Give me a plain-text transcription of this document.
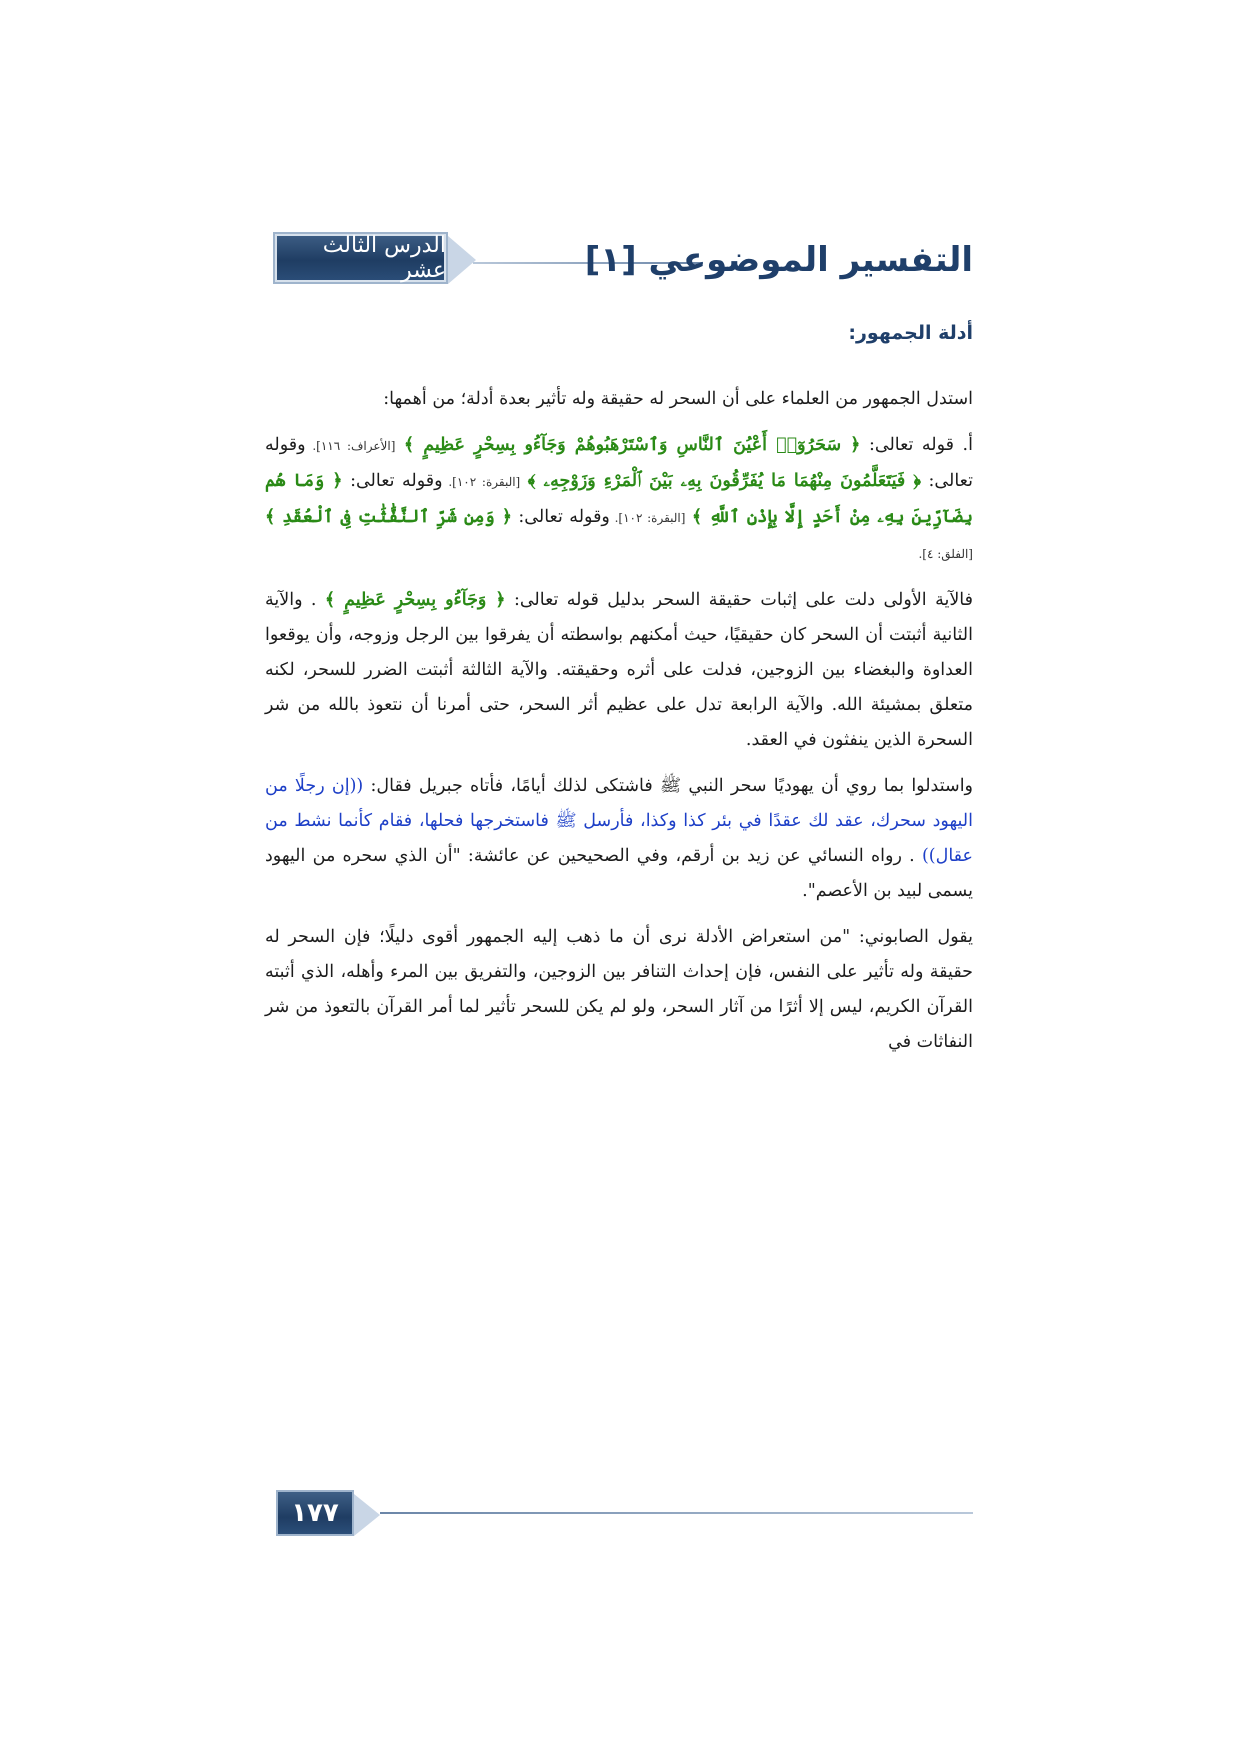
الدرس الثالث عشر	التفسير الموضوعي [١]
أدلة الجمهور:

استدل الجمهور من العلماء على أن السحر له حقيقة وله تأثير بعدة أدلة؛ من أهمها:

أ. قوله تعالى: ﴿ سَحَرُوٓا۟ أَعْيُنَ ٱلنَّاسِ وَٱسْتَرْهَبُوهُمْ وَجَآءُو بِسِحْرٍ عَظِيمٍ ﴾ [الأعراف: ١١٦]. وقوله تعالى: ﴿ فَيَتَعَلَّمُونَ مِنْهُمَا مَا يُفَرِّقُونَ بِهِۦ بَيْنَ ٱلْمَرْءِ وَزَوْجِهِۦ ﴾ [البقرة: ١٠٢]. وقوله تعالى: ﴿ وَمَا هُم بِضَآرِّينَ بِهِۦ مِنْ أَحَدٍ إِلَّا بِإِذْنِ ٱللَّهِ ﴾ [البقرة: ١٠٢]. وقوله تعالى: ﴿ وَمِن شَرِّ ٱلنَّفَّٰثَٰتِ فِى ٱلْعُقَدِ ﴾ [الفلق: ٤].

فالآية الأولى دلت على إثبات حقيقة السحر بدليل قوله تعالى: ﴿ وَجَآءُو بِسِحْرٍ عَظِيمٍ ﴾ . والآية الثانية أثبتت أن السحر كان حقيقيًا، حيث أمكنهم بواسطته أن يفرقوا بين الرجل وزوجه، وأن يوقعوا العداوة والبغضاء بين الزوجين، فدلت على أثره وحقيقته. والآية الثالثة أثبتت الضرر للسحر، لكنه متعلق بمشيئة الله. والآية الرابعة تدل على عظيم أثر السحر، حتى أمرنا أن نتعوذ بالله من شر السحرة الذين ينفثون في العقد.

واستدلوا بما روي أن يهوديًا سحر النبي ﷺ فاشتكى لذلك أيامًا، فأتاه جبريل فقال: ((إن رجلًا من اليهود سحرك، عقد لك عقدًا في بئر كذا وكذا، فأرسل ﷺ فاستخرجها فحلها، فقام كأنما نشط من عقال)) . رواه النسائي عن زيد بن أرقم، وفي الصحيحين عن عائشة: "أن الذي سحره من اليهود يسمى لبيد بن الأعصم".

يقول الصابوني: "من استعراض الأدلة نرى أن ما ذهب إليه الجمهور أقوى دليلًا؛ فإن السحر له حقيقة وله تأثير على النفس، فإن إحداث التنافر بين الزوجين، والتفريق بين المرء وأهله، الذي أثبته القرآن الكريم، ليس إلا أثرًا من آثار السحر، ولو لم يكن للسحر تأثير لما أمر القرآن بالتعوذ من شر النفاثات في

١٧٧
